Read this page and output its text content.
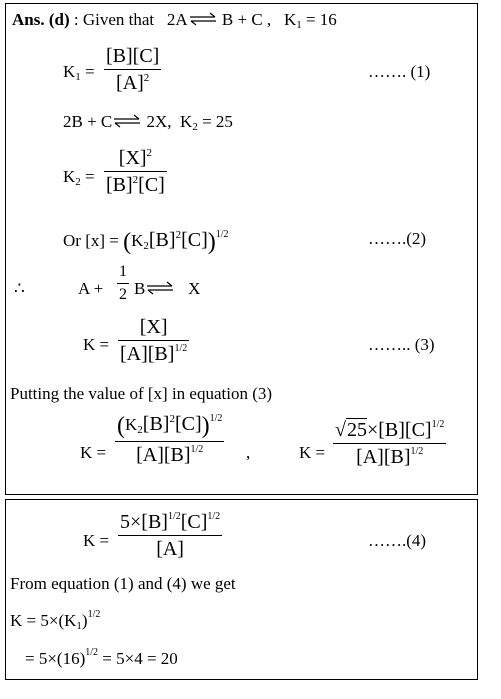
Ans. (d) : Given that 2A⇌ B + C ,   $K_1 = 16$
$K_1$ =
[B][C]
$[A]^2$	……. (1)
2B + C⇌ 2X,  $K_2 = 25$
$K_2$ =
$[X]^2$
$[B]^2[C]$
Or $[x] = (K_2[B]^2[C])^{1/2}$	…….(2)
∴	A +
1
2 B⇌ X
K =
[X]
$[A][B]^{1/2}$	…….. (3)
Putting the value of [x] in equation (3)
K =
$(K_2[B]^2[C])^{1/2}$
$[A][B]^{1/2}$	,	K =
$√25\times[B][C]^{1/2}$
$[A][B]^{1/2}$
K =
$5\times[B]^{1/2}[C]^{1/2}$
[A]	…….(4)
From equation (1) and (4) we get
$K = 5\times(K_1)^{1/2}$
= $5\times(16)^{1/2} = 5\times 4 = 20$
